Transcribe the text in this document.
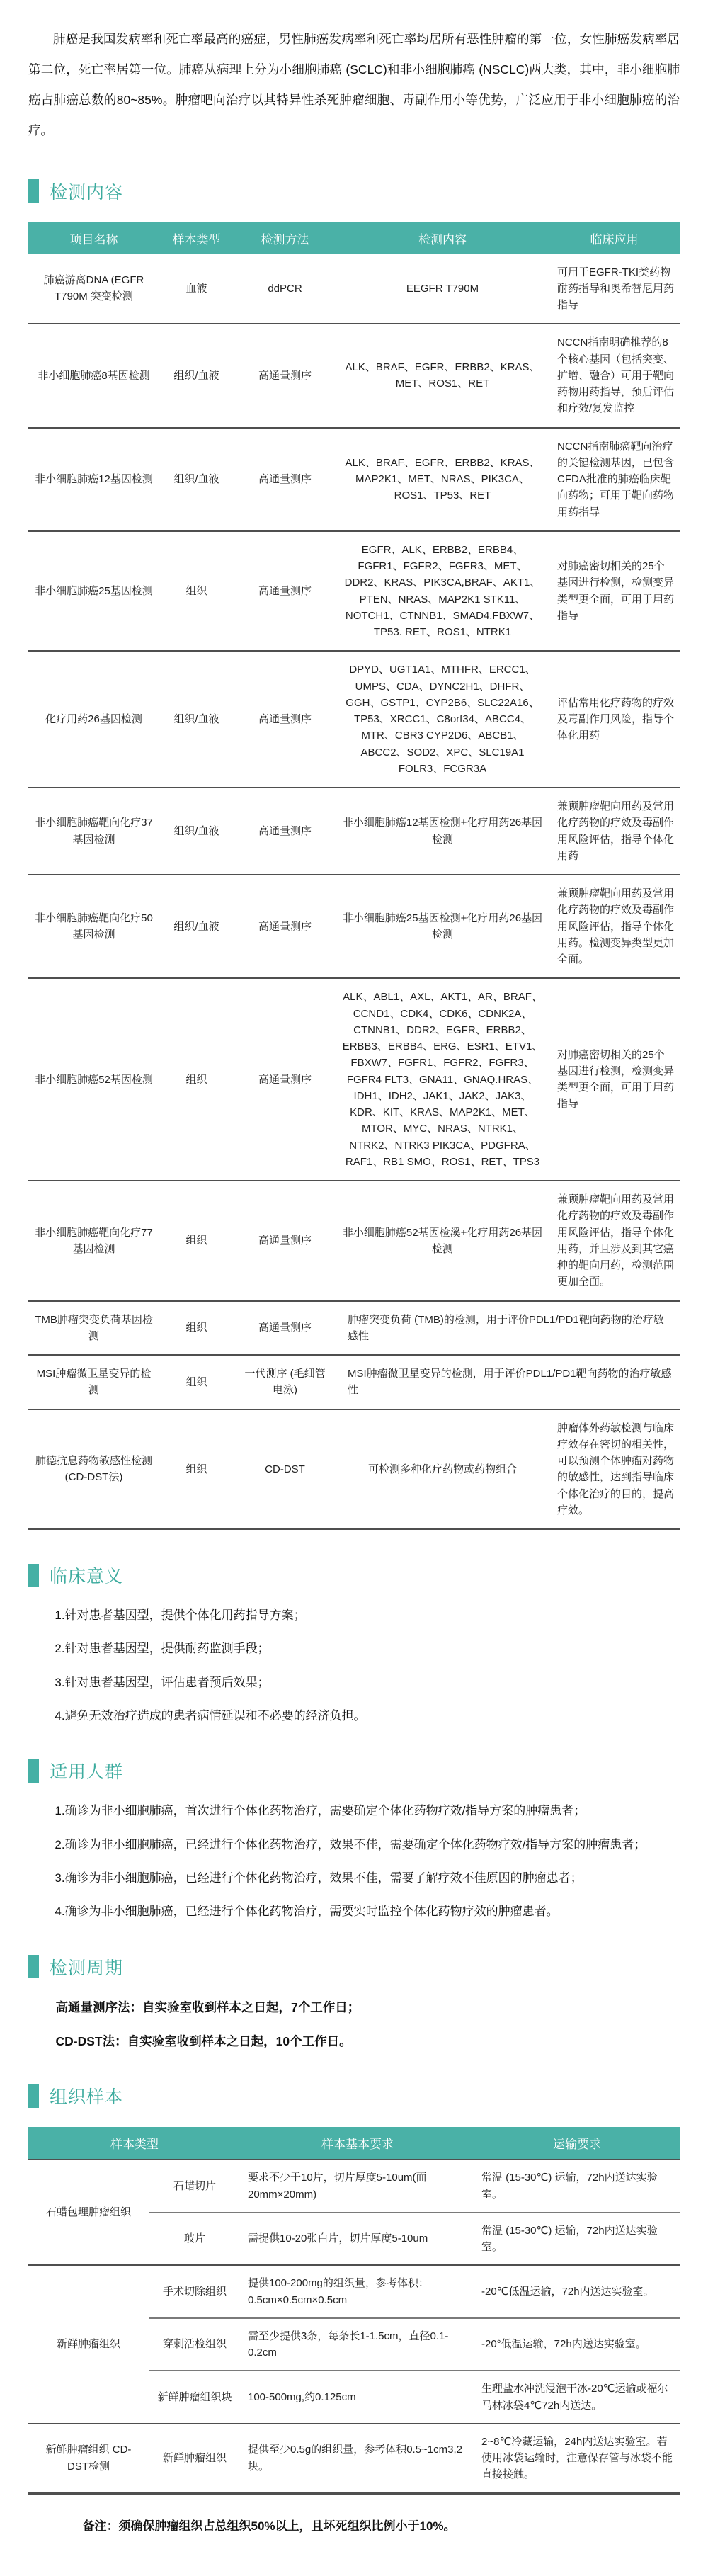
肺癌是我国发病率和死亡率最高的癌症，男性肺癌发病率和死亡率均居所有恶性肿瘤的第一位，女性肺癌发病率居第二位，死亡率居第一位。肺癌从病理上分为小细胞肺癌 (SCLC)和非小细胞肺癌 (NSCLC)两大类，其中，非小细胞肺癌占肺癌总数的80~85%。肿瘤吧向治疗以其特异性杀死肿瘤细胞、毒副作用小等优势，广泛应用于非小细胞肺癌的治疗。

检测内容
项目名称	样本类型	检测方法	检测内容	临床应用
肺癌游离DNA (EGFR T790M 突变检测	血液	ddPCR	EEGFR T790M	可用于EGFR-TKI类药物耐药指导和奥希替尼用药指导
非小细胞肺癌8基因检测	组织/血液	高通量测序	ALK、BRAF、EGFR、ERBB2、KRAS、MET、ROS1、RET	NCCN指南明确推荐的8个核心基因（包括突变、扩增、融合）可用于靶向药物用药指导，预后评估和疗效/复发监控
非小细胞肺癌12基因检测	组织/血液	高通量测序	ALK、BRAF、EGFR、ERBB2、KRAS、MAP2K1、MET、NRAS、PIK3CA、ROS1、TP53、RET	NCCN指南肺癌靶向治疗的关键检测基因，已包含CFDA批准的肺癌临床靶向药物；可用于靶向药物用药指导
非小细胞肺癌25基因检测	组织	高通量测序	EGFR、ALK、ERBB2、ERBB4、FGFR1、FGFR2、FGFR3、MET、DDR2、KRAS、PIK3CA,BRAF、AKT1、PTEN、NRAS、MAP2K1 STK11、NOTCH1、CTNNB1、SMAD4.FBXW7、TP53. RET、ROS1、NTRK1	对肺癌密切相关的25个基因进行检测，检测变异类型更全面，可用于用药指导
化疗用药26基因检测	组织/血液	高通量测序	DPYD、UGT1A1、MTHFR、ERCC1、UMPS、CDA、DYNC2H1、DHFR、GGH、GSTP1、CYP2B6、SLC22A16、TP53、XRCC1、C8orf34、ABCC4、MTR、CBR3 CYP2D6、ABCB1、ABCC2、SOD2、XPC、SLC19A1 FOLR3、FCGR3A	评估常用化疗药物的疗效及毒副作用风险，指导个体化用药
非小细胞肺癌靶向化疗37基因检测	组织/血液	高通量测序	非小细胞肺癌12基因检测+化疗用药26基因检测	兼顾肿瘤靶向用药及常用化疗药物的疗效及毒副作用风险评估，指导个体化用药
非小细胞肺癌靶向化疗50基因检测	组织/血液	高通量测序	非小细胞肺癌25基因检测+化疗用药26基因检测	兼顾肿瘤靶向用药及常用化疗药物的疗效及毒副作用风险评估，指导个体化用药。检测变异类型更加全面。
非小细胞肺癌52基因检测	组织	高通量测序	ALK、ABL1、AXL、AKT1、AR、BRAF、CCND1、CDK4、CDK6、CDNK2A、CTNNB1、DDR2、EGFR、ERBB2、ERBB3、ERBB4、ERG、ESR1、ETV1、FBXW7、FGFR1、FGFR2、FGFR3、FGFR4 FLT3、GNA11、GNAQ.HRAS、IDH1、IDH2、JAK1、JAK2、JAK3、KDR、KIT、KRAS、MAP2K1、MET、MTOR、MYC、NRAS、NTRK1、NTRK2、NTRK3 PIK3CA、PDGFRA、RAF1、RB1 SMO、ROS1、RET、TPS3	对肺癌密切相关的25个基因进行检测，检测变异类型更全面，可用于用药指导
非小细胞肺癌靶向化疗77基因检测	组织	高通量测序	非小细胞肺癌52基因检溪+化疗用药26基因检测	兼顾肿瘤靶向用药及常用化疗药物的疗效及毒副作用风险评估，指导个体化用药，并且涉及到其它癌种的靶向用药，检测范围更加全面。
TMB肿瘤突变负荷基因检测	组织	高通量测序	肿瘤突变负荷 (TMB)的检测，用于评价PDL1/PD1靶向药物的治疗敏感性	
MSI肿瘤微卫星变异的检测	组织	一代测序 (毛细管电泳)	MSI肿瘤微卫星变异的检测，用于评价PDL1/PD1靶向药物的治疗敏感性	
肺德抗息药物敏感性检测 (CD-DST法)	组织	CD-DST	可检测多种化疗药物或药物组合	肿瘤体外药敏检测与临床疗效存在密切的相关性，可以预测个体肿瘤对药物的敏感性，达到指导临床个体化治疗的目的，提高疗效。
临床意义

1.针对患者基因型，提供个体化用药指导方案；

2.针对患者基因型，提供耐药监测手段；

3.针对患者基因型，评估患者预后效果；

4.避免无效治疗造成的患者病情延误和不必要的经济负担。

适用人群

1.确诊为非小细胞肺癌，首次进行个体化药物治疗，需要确定个体化药物疗效/指导方案的肿瘤患者；

2.确诊为非小细胞肺癌，已经进行个体化药物治疗，效果不佳，需要确定个体化药物疗效/指导方案的肿瘤患者；

3.确诊为非小细胞肺癌，已经进行个体化药物治疗，效果不佳，需要了解疗效不佳原因的肿瘤患者；

4.确诊为非小细胞肺癌，已经进行个体化药物治疗，需要实时监控个体化药物疗效的肿瘤患者。

检测周期

高通量测序法：自实验室收到样本之日起，7个工作日；

CD-DST法：自实验室收到样本之日起，10个工作日。

组织样本
样本类型		样本基本要求	运输要求
石蜡包埋肿瘤组织	石蜡切片	要求不少于10片，切片厚度5-10um(面20mm×20mm)	常温 (15-30℃) 运输，72h内送达实验室。
	玻片	需提供10-20张白片，切片厚度5-10um	常温 (15-30℃) 运输，72h内送达实验室。
新鲜肿瘤组织	手术切除组织	提供100-200mg的组织量，参考体积：0.5cm×0.5cm×0.5cm	-20℃低温运输，72h内送达实验室。
	穿刺活检组织	需至少提供3条，每条长1-1.5cm，直径0.1-0.2cm	-20°低温运输，72h内送达实验室。
	新鲜肿瘤组织块	100-500mg,约0.125cm	生理盐水冲洗浸泡干冰-20℃运输或福尔马林冰袋4℃72h内送达。
新鲜肿瘤组织 CD-DST检测	新鲜肿瘤组织	提供至少0.5g的组织量，参考体积0.5~1cm3,2块。	2~8℃冷藏运输，24h内送达实验室。若使用冰袋运输时，注意保存管与冰袋不能直接接触。

备注：须确保肿瘤组织占总组织50%以上，且坏死组织比例小于10%。
